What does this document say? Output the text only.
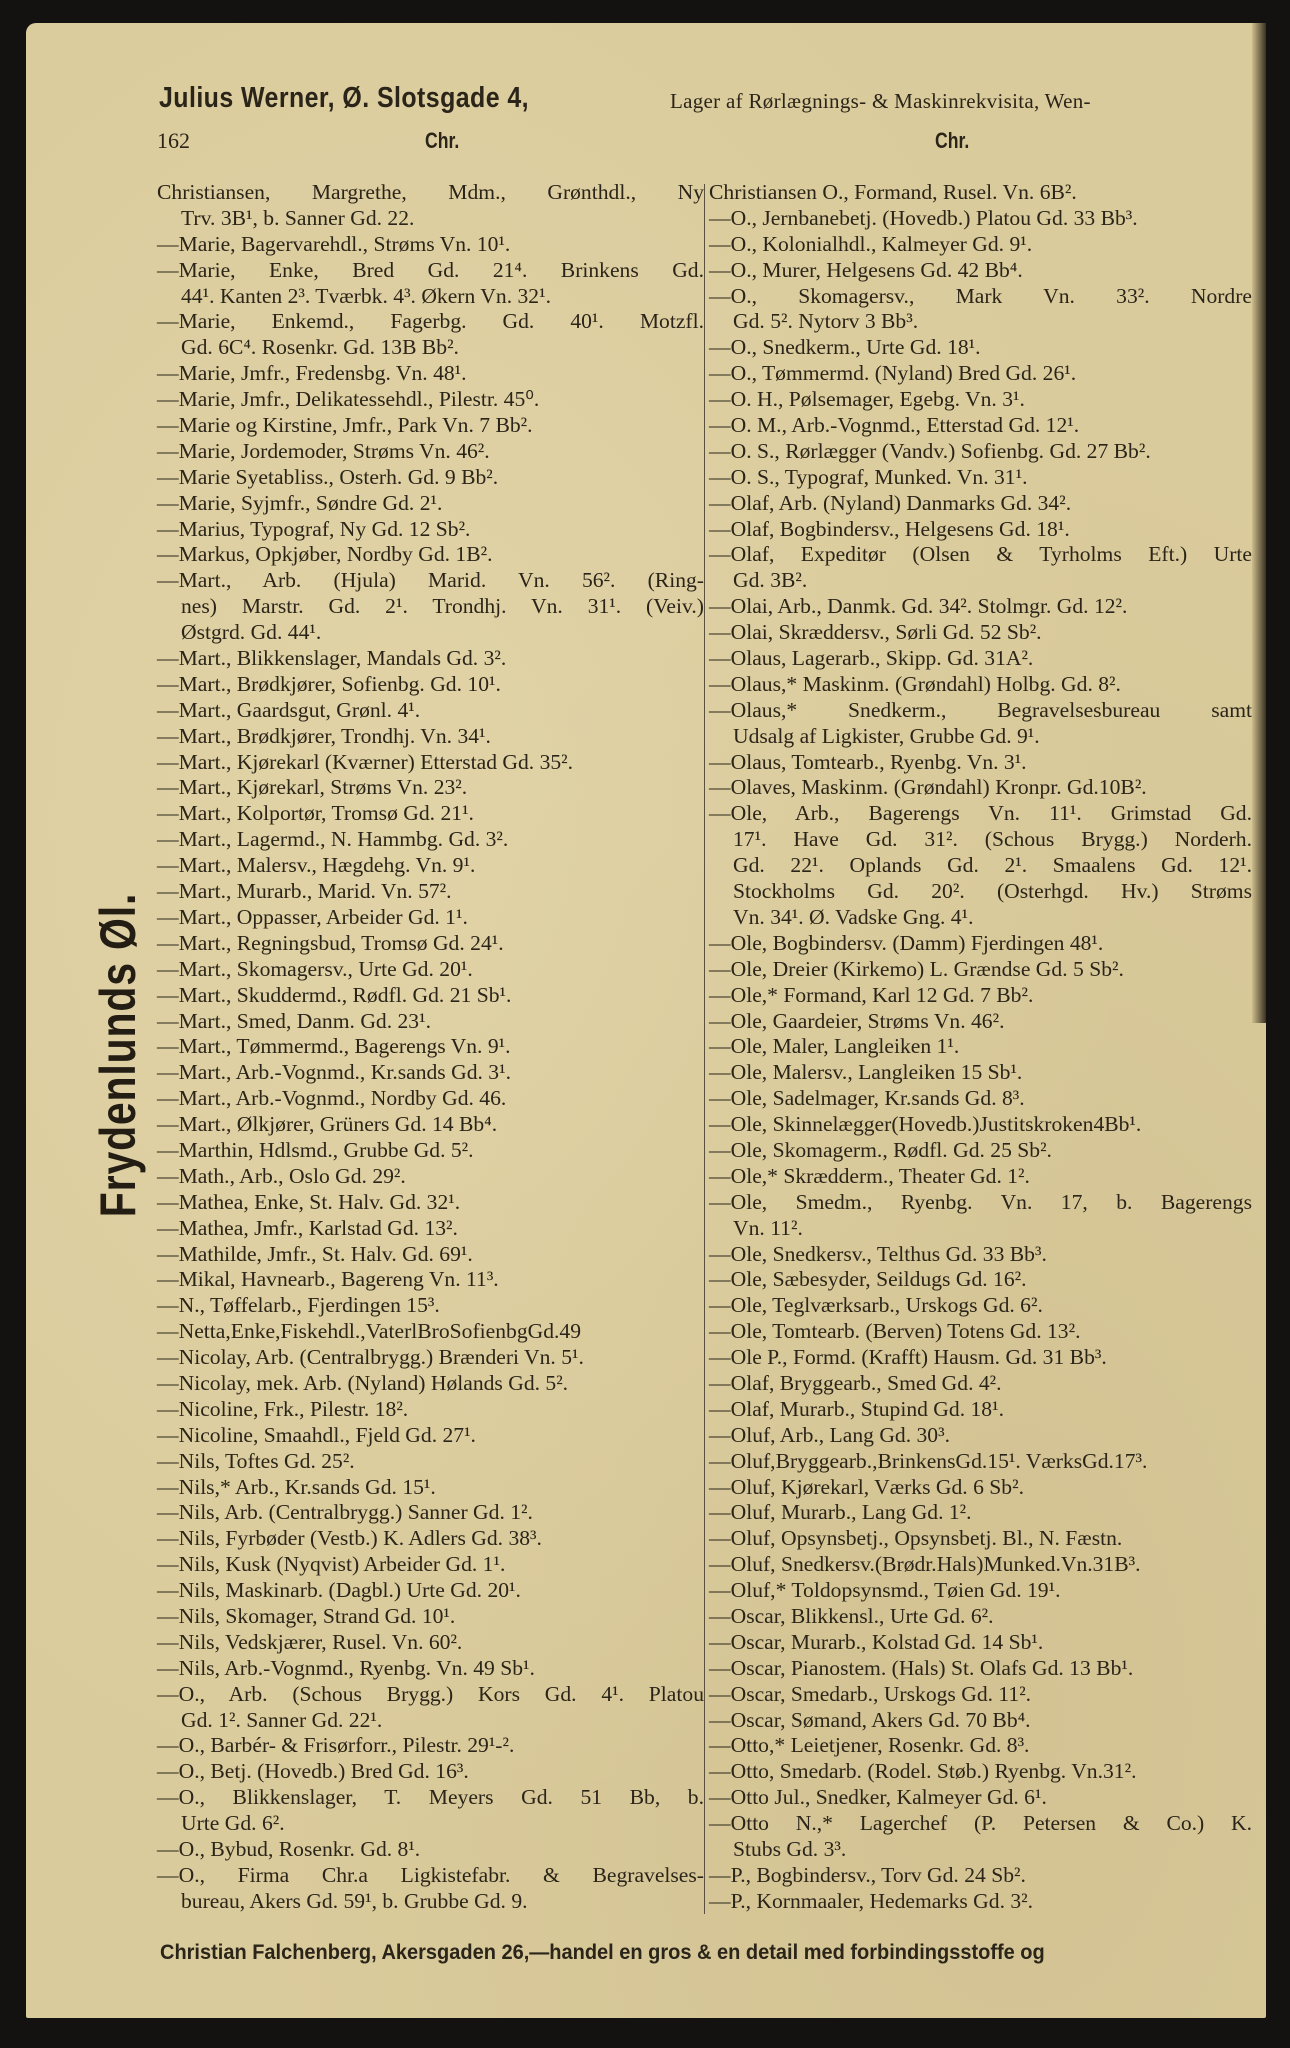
Julius Werner, Ø. Slotsgade 4,	Lager af Rørlægnings- & Maskinrekvisita, Wen-
162	Chr.	Chr.
Frydenlunds Øl.
Christiansen, Margrethe, Mdm., Grønthdl., Ny
Trv. 3B¹, b. Sanner Gd. 22.
—Marie, Bagervarehdl., Strøms Vn. 10¹.
—Marie, Enke, Bred Gd. 21⁴. Brinkens Gd.
44¹. Kanten 2³. Tværbk. 4³. Økern Vn. 32¹.
—Marie, Enkemd., Fagerbg. Gd. 40¹. Motzfl.
Gd. 6C⁴. Rosenkr. Gd. 13B Bb².
—Marie, Jmfr., Fredensbg. Vn. 48¹.
—Marie, Jmfr., Delikatessehdl., Pilestr. 45⁰.
—Marie og Kirstine, Jmfr., Park Vn. 7 Bb².
—Marie, Jordemoder, Strøms Vn. 46².
—Marie Syetabliss., Osterh. Gd. 9 Bb².
—Marie, Syjmfr., Søndre Gd. 2¹.
—Marius, Typograf, Ny Gd. 12 Sb².
—Markus, Opkjøber, Nordby Gd. 1B².
—Mart., Arb. (Hjula) Marid. Vn. 56². (Ring-
nes) Marstr. Gd. 2¹. Trondhj. Vn. 31¹. (Veiv.)
Østgrd. Gd. 44¹.
—Mart., Blikkenslager, Mandals Gd. 3².
—Mart., Brødkjører, Sofienbg. Gd. 10¹.
—Mart., Gaardsgut, Grønl. 4¹.
—Mart., Brødkjører, Trondhj. Vn. 34¹.
—Mart., Kjørekarl (Kværner) Etterstad Gd. 35².
—Mart., Kjørekarl, Strøms Vn. 23².
—Mart., Kolportør, Tromsø Gd. 21¹.
—Mart., Lagermd., N. Hammbg. Gd. 3².
—Mart., Malersv., Hægdehg. Vn. 9¹.
—Mart., Murarb., Marid. Vn. 57².
—Mart., Oppasser, Arbeider Gd. 1¹.
—Mart., Regningsbud, Tromsø Gd. 24¹.
—Mart., Skomagersv., Urte Gd. 20¹.
—Mart., Skuddermd., Rødfl. Gd. 21 Sb¹.
—Mart., Smed, Danm. Gd. 23¹.
—Mart., Tømmermd., Bagerengs Vn. 9¹.
—Mart., Arb.-Vognmd., Kr.sands Gd. 3¹.
—Mart., Arb.-Vognmd., Nordby Gd. 46.
—Mart., Ølkjører, Grüners Gd. 14 Bb⁴.
—Marthin, Hdlsmd., Grubbe Gd. 5².
—Math., Arb., Oslo Gd. 29².
—Mathea, Enke, St. Halv. Gd. 32¹.
—Mathea, Jmfr., Karlstad Gd. 13².
—Mathilde, Jmfr., St. Halv. Gd. 69¹.
—Mikal, Havnearb., Bagereng Vn. 11³.
—N., Tøffelarb., Fjerdingen 15³.
—Netta,Enke,Fiskehdl.,VaterlBroSofienbgGd.49
—Nicolay, Arb. (Centralbrygg.) Brænderi Vn. 5¹.
—Nicolay, mek. Arb. (Nyland) Hølands Gd. 5².
—Nicoline, Frk., Pilestr. 18².
—Nicoline, Smaahdl., Fjeld Gd. 27¹.
—Nils, Toftes Gd. 25².
—Nils,* Arb., Kr.sands Gd. 15¹.
—Nils, Arb. (Centralbrygg.) Sanner Gd. 1².
—Nils, Fyrbøder (Vestb.) K. Adlers Gd. 38³.
—Nils, Kusk (Nyqvist) Arbeider Gd. 1¹.
—Nils, Maskinarb. (Dagbl.) Urte Gd. 20¹.
—Nils, Skomager, Strand Gd. 10¹.
—Nils, Vedskjærer, Rusel. Vn. 60².
—Nils, Arb.-Vognmd., Ryenbg. Vn. 49 Sb¹.
—O., Arb. (Schous Brygg.) Kors Gd. 4¹. Platou
Gd. 1². Sanner Gd. 22¹.
—O., Barbér- & Frisørforr., Pilestr. 29¹-².
—O., Betj. (Hovedb.) Bred Gd. 16³.
—O., Blikkenslager, T. Meyers Gd. 51 Bb, b.
Urte Gd. 6².
—O., Bybud, Rosenkr. Gd. 8¹.
—O., Firma Chr.a Ligkistefabr. & Begravelses-
bureau, Akers Gd. 59¹, b. Grubbe Gd. 9.
Christiansen O., Formand, Rusel. Vn. 6B².
—O., Jernbanebetj. (Hovedb.) Platou Gd. 33 Bb³.
—O., Kolonialhdl., Kalmeyer Gd. 9¹.
—O., Murer, Helgesens Gd. 42 Bb⁴.
—O., Skomagersv., Mark Vn. 33². Nordre
Gd. 5². Nytorv 3 Bb³.
—O., Snedkerm., Urte Gd. 18¹.
—O., Tømmermd. (Nyland) Bred Gd. 26¹.
—O. H., Pølsemager, Egebg. Vn. 3¹.
—O. M., Arb.-Vognmd., Etterstad Gd. 12¹.
—O. S., Rørlægger (Vandv.) Sofienbg. Gd. 27 Bb².
—O. S., Typograf, Munked. Vn. 31¹.
—Olaf, Arb. (Nyland) Danmarks Gd. 34².
—Olaf, Bogbindersv., Helgesens Gd. 18¹.
—Olaf, Expeditør (Olsen & Tyrholms Eft.) Urte
Gd. 3B².
—Olai, Arb., Danmk. Gd. 34². Stolmgr. Gd. 12².
—Olai, Skræddersv., Sørli Gd. 52 Sb².
—Olaus, Lagerarb., Skipp. Gd. 31A².
—Olaus,* Maskinm. (Grøndahl) Holbg. Gd. 8².
—Olaus,* Snedkerm., Begravelsesbureau samt
Udsalg af Ligkister, Grubbe Gd. 9¹.
—Olaus, Tomtearb., Ryenbg. Vn. 3¹.
—Olaves, Maskinm. (Grøndahl) Kronpr. Gd.10B².
—Ole, Arb., Bagerengs Vn. 11¹. Grimstad Gd.
17¹. Have Gd. 31². (Schous Brygg.) Norderh.
Gd. 22¹. Oplands Gd. 2¹. Smaalens Gd. 12¹.
Stockholms Gd. 20². (Osterhgd. Hv.) Strøms
Vn. 34¹. Ø. Vadske Gng. 4¹.
—Ole, Bogbindersv. (Damm) Fjerdingen 48¹.
—Ole, Dreier (Kirkemo) L. Grændse Gd. 5 Sb².
—Ole,* Formand, Karl 12 Gd. 7 Bb².
—Ole, Gaardeier, Strøms Vn. 46².
—Ole, Maler, Langleiken 1¹.
—Ole, Malersv., Langleiken 15 Sb¹.
—Ole, Sadelmager, Kr.sands Gd. 8³.
—Ole, Skinnelægger(Hovedb.)Justitskroken4Bb¹.
—Ole, Skomagerm., Rødfl. Gd. 25 Sb².
—Ole,* Skrædderm., Theater Gd. 1².
—Ole, Smedm., Ryenbg. Vn. 17, b. Bagerengs
Vn. 11².
—Ole, Snedkersv., Telthus Gd. 33 Bb³.
—Ole, Sæbesyder, Seildugs Gd. 16².
—Ole, Teglværksarb., Urskogs Gd. 6².
—Ole, Tomtearb. (Berven) Totens Gd. 13².
—Ole P., Formd. (Krafft) Hausm. Gd. 31 Bb³.
—Olaf, Bryggearb., Smed Gd. 4².
—Olaf, Murarb., Stupind Gd. 18¹.
—Oluf, Arb., Lang Gd. 30³.
—Oluf,Bryggearb.,BrinkensGd.15¹. VærksGd.17³.
—Oluf, Kjørekarl, Værks Gd. 6 Sb².
—Oluf, Murarb., Lang Gd. 1².
—Oluf, Opsynsbetj., Opsynsbetj. Bl., N. Fæstn.
—Oluf, Snedkersv.(Brødr.Hals)Munked.Vn.31B³.
—Oluf,* Toldopsynsmd., Tøien Gd. 19¹.
—Oscar, Blikkensl., Urte Gd. 6².
—Oscar, Murarb., Kolstad Gd. 14 Sb¹.
—Oscar, Pianostem. (Hals) St. Olafs Gd. 13 Bb¹.
—Oscar, Smedarb., Urskogs Gd. 11².
—Oscar, Sømand, Akers Gd. 70 Bb⁴.
—Otto,* Leietjener, Rosenkr. Gd. 8³.
—Otto, Smedarb. (Rodel. Støb.) Ryenbg. Vn.31².
—Otto Jul., Snedker, Kalmeyer Gd. 6¹.
—Otto N.,* Lagerchef (P. Petersen & Co.) K.
Stubs Gd. 3³.
—P., Bogbindersv., Torv Gd. 24 Sb².
—P., Kornmaaler, Hedemarks Gd. 3².
Christian Falchenberg, Akersgaden 26,—handel en gros & en detail med forbindingsstoffe og
